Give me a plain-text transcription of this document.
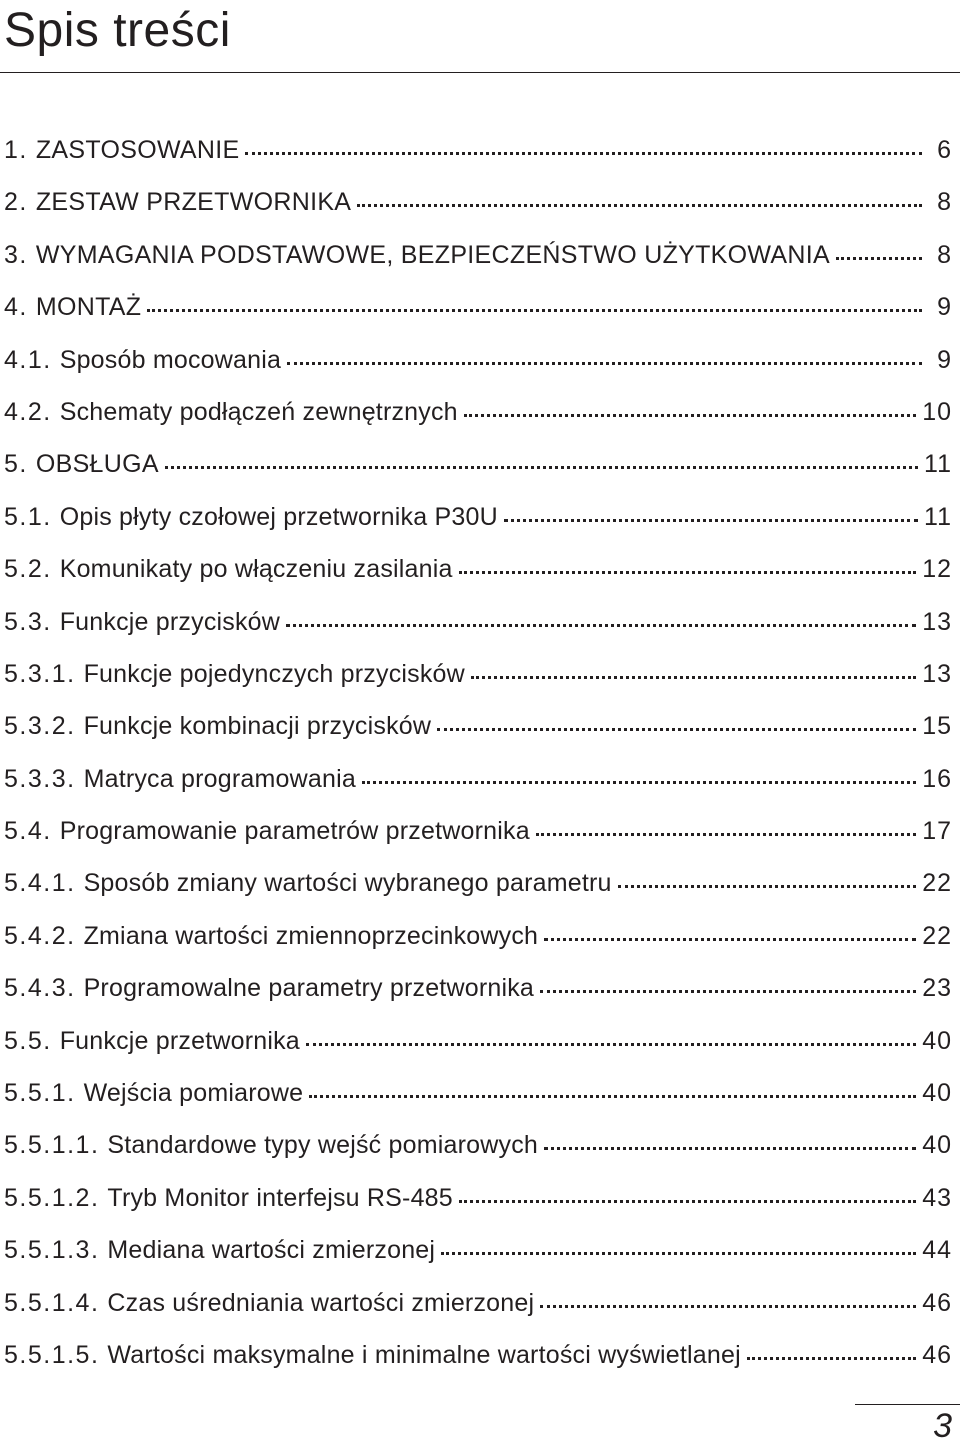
Spis treści
1. ZASTOSOWANIE	6
2. ZESTAW PRZETWORNIKA	8
3. WYMAGANIA PODSTAWOWE, BEZPIECZEŃSTWO UŻYTKOWANIA	8
4. MONTAŻ	9
4.1. Sposób mocowania	9
4.2. Schematy podłączeń zewnętrznych	10
5. OBSŁUGA	11
5.1. Opis płyty czołowej przetwornika P30U	11
5.2. Komunikaty po włączeniu zasilania	12
5.3. Funkcje przycisków	13
5.3.1. Funkcje pojedynczych przycisków	13
5.3.2. Funkcje kombinacji przycisków	15
5.3.3. Matryca programowania	16
5.4. Programowanie parametrów przetwornika	17
5.4.1. Sposób zmiany wartości wybranego parametru	22
5.4.2. Zmiana wartości zmiennoprzecinkowych	22
5.4.3. Programowalne parametry przetwornika	23
5.5. Funkcje przetwornika	40
5.5.1. Wejścia pomiarowe	40
5.5.1.1. Standardowe typy wejść pomiarowych	40
5.5.1.2. Tryb Monitor interfejsu RS-485	43
5.5.1.3. Mediana wartości zmierzonej	44
5.5.1.4. Czas uśredniania wartości zmierzonej	46
5.5.1.5. Wartości maksymalne i minimalne wartości wyświetlanej	46
3
